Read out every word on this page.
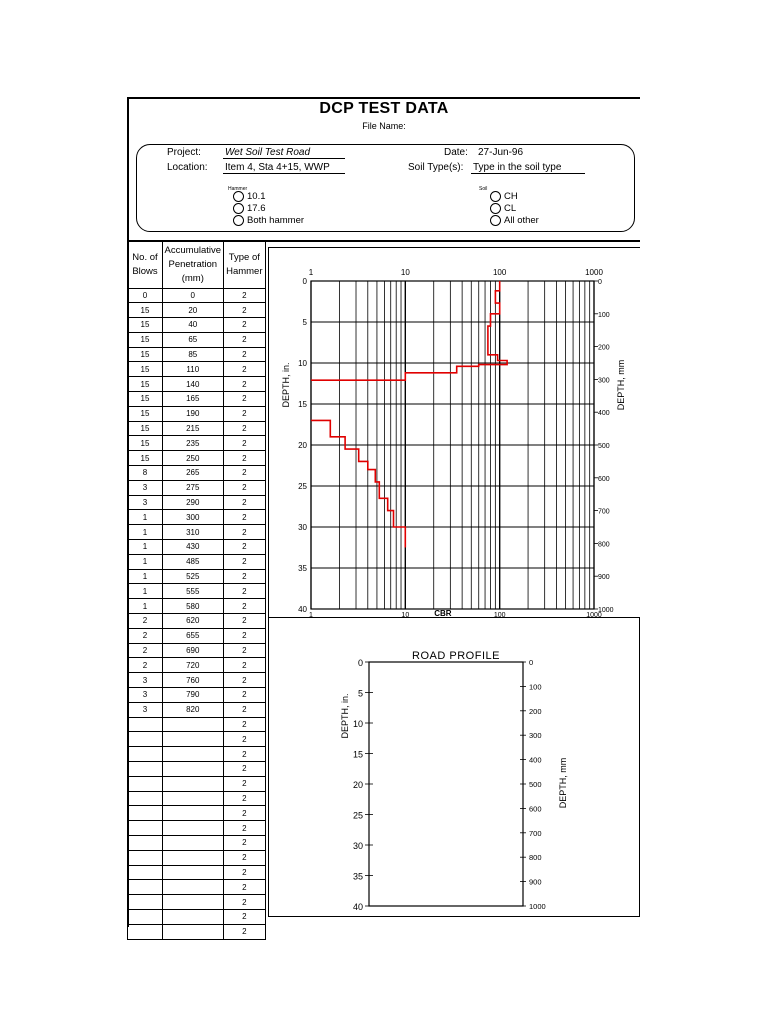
DCP TEST DATA
File Name:
Project: Wet Soil Test Road
Location: Item 4, Sta 4+15, WWP
Date: 27-Jun-96
Soil Type(s): Type in the soil type
Hammer
10.1
17.6
Both hammer
Soil
CH
CL
All other
No. of Blows	Accumulative Penetration (mm)	Type of Hammer
0	0	2
15	20	2
15	40	2
15	65	2
15	85	2
15	110	2
15	140	2
15	165	2
15	190	2
15	215	2
15	235	2
15	250	2
8	265	2
3	275	2
3	290	2
1	300	2
1	310	2
1	430	2
1	485	2
1	525	2
1	555	2
1	580	2
2	620	2
2	655	2
2	690	2
2	720	2
3	760	2
3	790	2
3	820	2
		2
		2
		2
		2
		2
		2
		2
		2
		2
		2
		2
		2
		2
		2
		2
1
1
10
10
100
100
1000
1000
0
5
10
15
20
25
30
35
40
0
100
200
300
400
500
600
700
800
900
1000
DEPTH, in.	DEPTH, mm
CBR
ROAD PROFILE
0
5
10
15
20
25
30
35
40
0
100
200
300
400
500
600
700
800
900
1000
DEPTH, in.
DEPTH, mm
